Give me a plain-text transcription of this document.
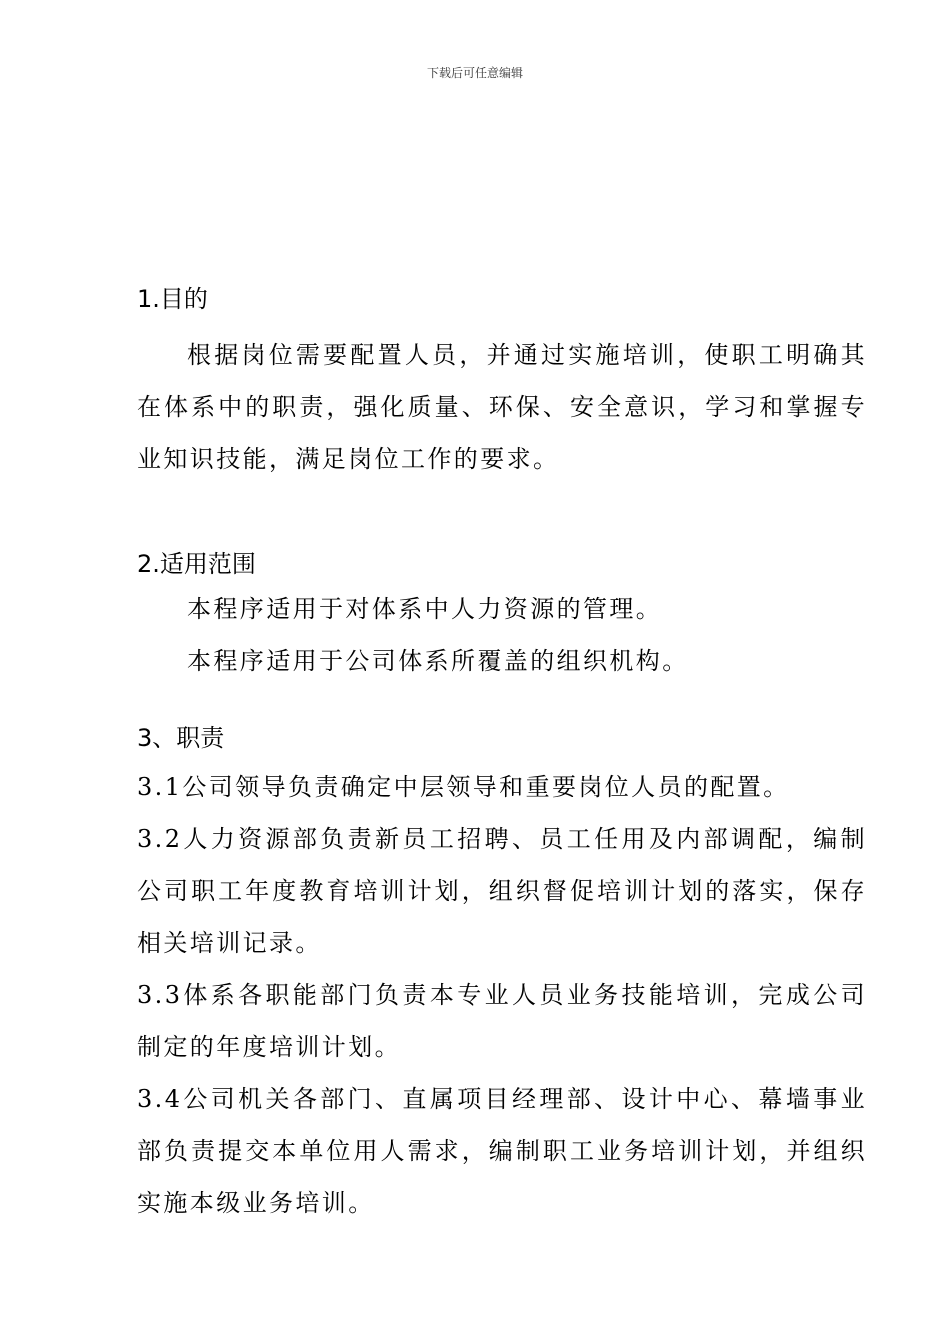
下载后可任意编辑
1.目的

根据岗位需要配置人员，并通过实施培训，使职工明确其在体系中的职责，强化质量、环保、安全意识，学习和掌握专业知识技能，满足岗位工作的要求。

2.适用范围

本程序适用于对体系中人力资源的管理。

本程序适用于公司体系所覆盖的组织机构。

3、职责

3.1公司领导负责确定中层领导和重要岗位人员的配置。

3.2人力资源部负责新员工招聘、员工任用及内部调配，编制公司职工年度教育培训计划，组织督促培训计划的落实，保存相关培训记录。

3.3体系各职能部门负责本专业人员业务技能培训，完成公司制定的年度培训计划。

3.4公司机关各部门、直属项目经理部、设计中心、幕墙事业部负责提交本单位用人需求，编制职工业务培训计划，并组织实施本级业务培训。
